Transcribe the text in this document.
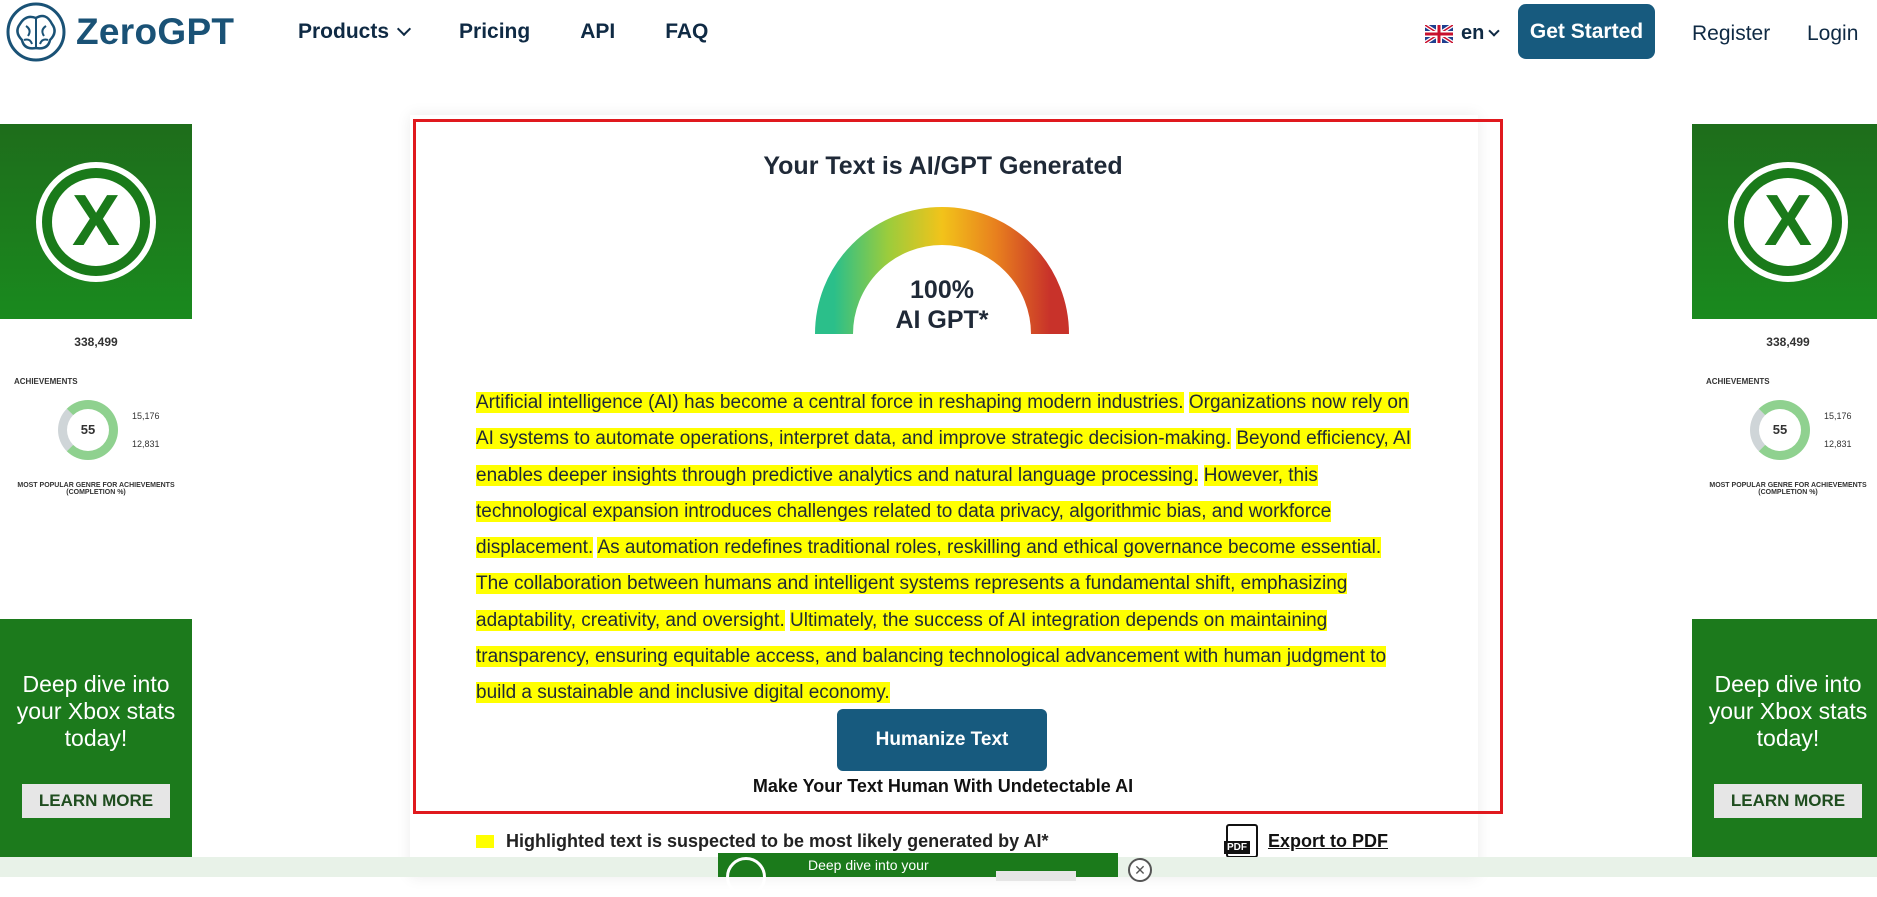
ZeroGPT	Products	Pricing API FAQ	en	Get Started	Register Login
X
338,499
ACHIEVEMENTS
55
15,176
12,831
MOST POPULAR GENRE FOR ACHIEVEMENTS (COMPLETION %)
Deep dive into your Xbox stats today!
LEARN MORE
X
338,499
ACHIEVEMENTS
55
15,176
12,831
MOST POPULAR GENRE FOR ACHIEVEMENTS (COMPLETION %)
Deep dive into your Xbox stats today!
LEARN MORE
Your Text is AI/GPT Generated
100%
AI GPT*
Artificial intelligence (AI) has become a central force in reshaping modern industries. Organizations now rely on AI systems to automate operations, interpret data, and improve strategic decision-making. Beyond efficiency, AI enables deeper insights through predictive analytics and natural language processing. However, this technological expansion introduces challenges related to data privacy, algorithmic bias, and workforce displacement. As automation redefines traditional roles, reskilling and ethical governance become essential. The collaboration between humans and intelligent systems represents a fundamental shift, emphasizing adaptability, creativity, and oversight. Ultimately, the success of AI integration depends on maintaining transparency, ensuring equitable access, and balancing technological advancement with human judgment to build a sustainable and inclusive digital economy.
Humanize Text
Make Your Text Human With Undetectable AI
Highlighted text is suspected to be most likely generated by AI*	PDF Export to PDF
Deep dive into your	✕
